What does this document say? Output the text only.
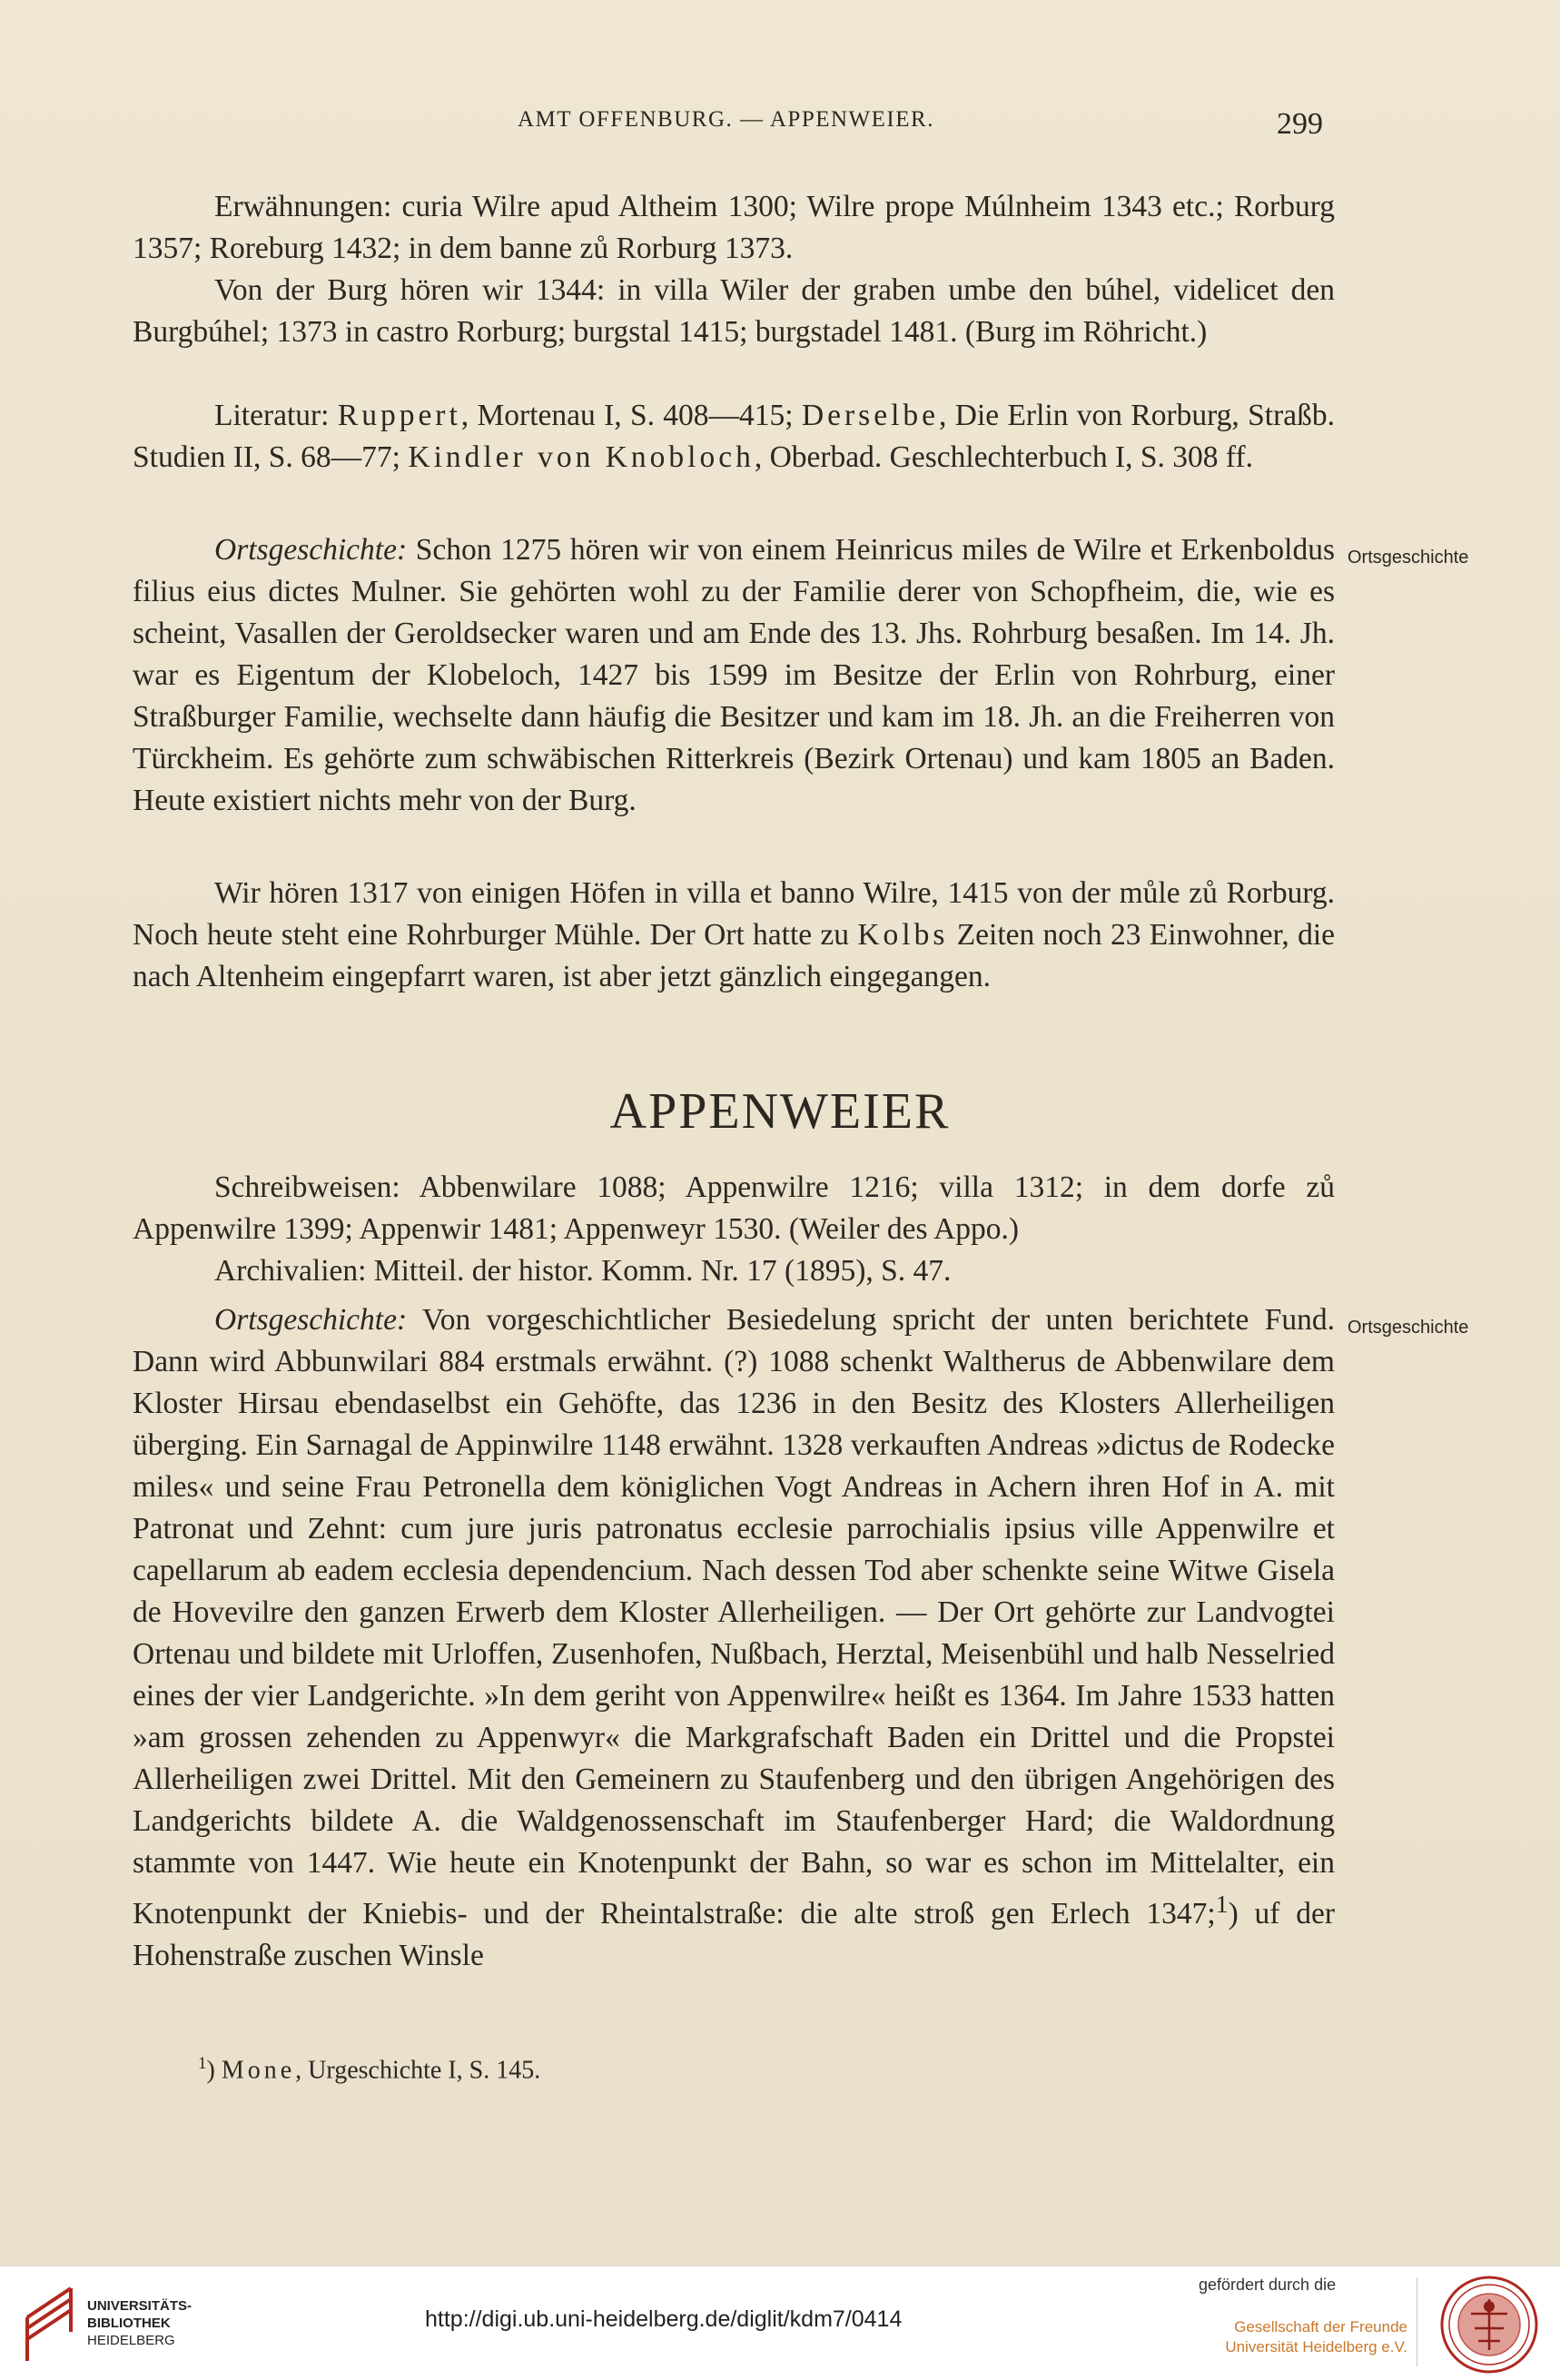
AMT OFFENBURG. — APPENWEIER.	299

Erwähnungen: curia Wilre apud Altheim 1300; Wilre prope Múlnheim 1343 etc.; Rorburg 1357; Roreburg 1432; in dem banne zů Rorburg 1373.

Von der Burg hören wir 1344: in villa Wiler der graben umbe den búhel, videlicet den Burgbúhel; 1373 in castro Rorburg; burgstal 1415; burgstadel 1481. (Burg im Röhricht.)

Literatur: Ruppert, Mortenau I, S. 408—415; Derselbe, Die Erlin von Rorburg, Straßb. Studien II, S. 68—77; Kindler von Knobloch, Oberbad. Geschlechterbuch I, S. 308 ff.

Ortsgeschichte: Schon 1275 hören wir von einem Heinricus miles de Wilre et Erkenboldus filius eius dictes Mulner. Sie gehörten wohl zu der Familie derer von Schopfheim, die, wie es scheint, Vasallen der Geroldsecker waren und am Ende des 13. Jhs. Rohrburg besaßen. Im 14. Jh. war es Eigentum der Klobeloch, 1427 bis 1599 im Besitze der Erlin von Rohrburg, einer Straßburger Familie, wechselte dann häufig die Besitzer und kam im 18. Jh. an die Freiherren von Türckheim. Es gehörte zum schwäbischen Ritterkreis (Bezirk Ortenau) und kam 1805 an Baden. Heute existiert nichts mehr von der Burg.

Ortsgeschichte

Wir hören 1317 von einigen Höfen in villa et banno Wilre, 1415 von der můle zů Rorburg. Noch heute steht eine Rohrburger Mühle. Der Ort hatte zu Kolbs Zeiten noch 23 Einwohner, die nach Altenheim eingepfarrt waren, ist aber jetzt gänzlich eingegangen.

APPENWEIER

Schreibweisen: Abbenwilare 1088; Appenwilre 1216; villa 1312; in dem dorfe zů Appenwilre 1399; Appenwir 1481; Appenweyr 1530. (Weiler des Appo.)

Archivalien: Mitteil. der histor. Komm. Nr. 17 (1895), S. 47.

Ortsgeschichte: Von vorgeschichtlicher Besiedelung spricht der unten berichtete Fund. Dann wird Abbunwilari 884 erstmals erwähnt. (?) 1088 schenkt Waltherus de Abbenwilare dem Kloster Hirsau ebendaselbst ein Gehöfte, das 1236 in den Besitz des Klosters Allerheiligen überging. Ein Sarnagal de Appinwilre 1148 erwähnt. 1328 verkauften Andreas »dictus de Rodecke miles« und seine Frau Petronella dem königlichen Vogt Andreas in Achern ihren Hof in A. mit Patronat und Zehnt: cum jure juris patronatus ecclesie parrochialis ipsius ville Appenwilre et capellarum ab eadem ecclesia dependencium. Nach dessen Tod aber schenkte seine Witwe Gisela de Hovevilre den ganzen Erwerb dem Kloster Allerheiligen. — Der Ort gehörte zur Landvogtei Ortenau und bildete mit Urloffen, Zusenhofen, Nußbach, Herztal, Meisenbühl und halb Nesselried eines der vier Landgerichte. »In dem geriht von Appenwilre« heißt es 1364. Im Jahre 1533 hatten »am grossen zehenden zu Appenwyr« die Markgrafschaft Baden ein Drittel und die Propstei Allerheiligen zwei Drittel. Mit den Gemeinern zu Staufenberg und den übrigen Angehörigen des Landgerichts bildete A. die Waldgenossenschaft im Staufenberger Hard; die Waldordnung stammte von 1447. Wie heute ein Knotenpunkt der Bahn, so war es schon im Mittelalter, ein Knotenpunkt der Kniebis- und der Rheintalstraße: die alte stroß gen Erlech 1347;$^1$) uf der Hohenstraße zuschen Winsle

Ortsgeschichte
$^1$) Mone, Urgeschichte I, S. 145.
UNIVERSITÄTS-
BIBLIOTHEK
HEIDELBERG
http://digi.ub.uni-heidelberg.de/diglit/kdm7/0414
gefördert durch die
Gesellschaft der Freunde
Universität Heidelberg e.V.
